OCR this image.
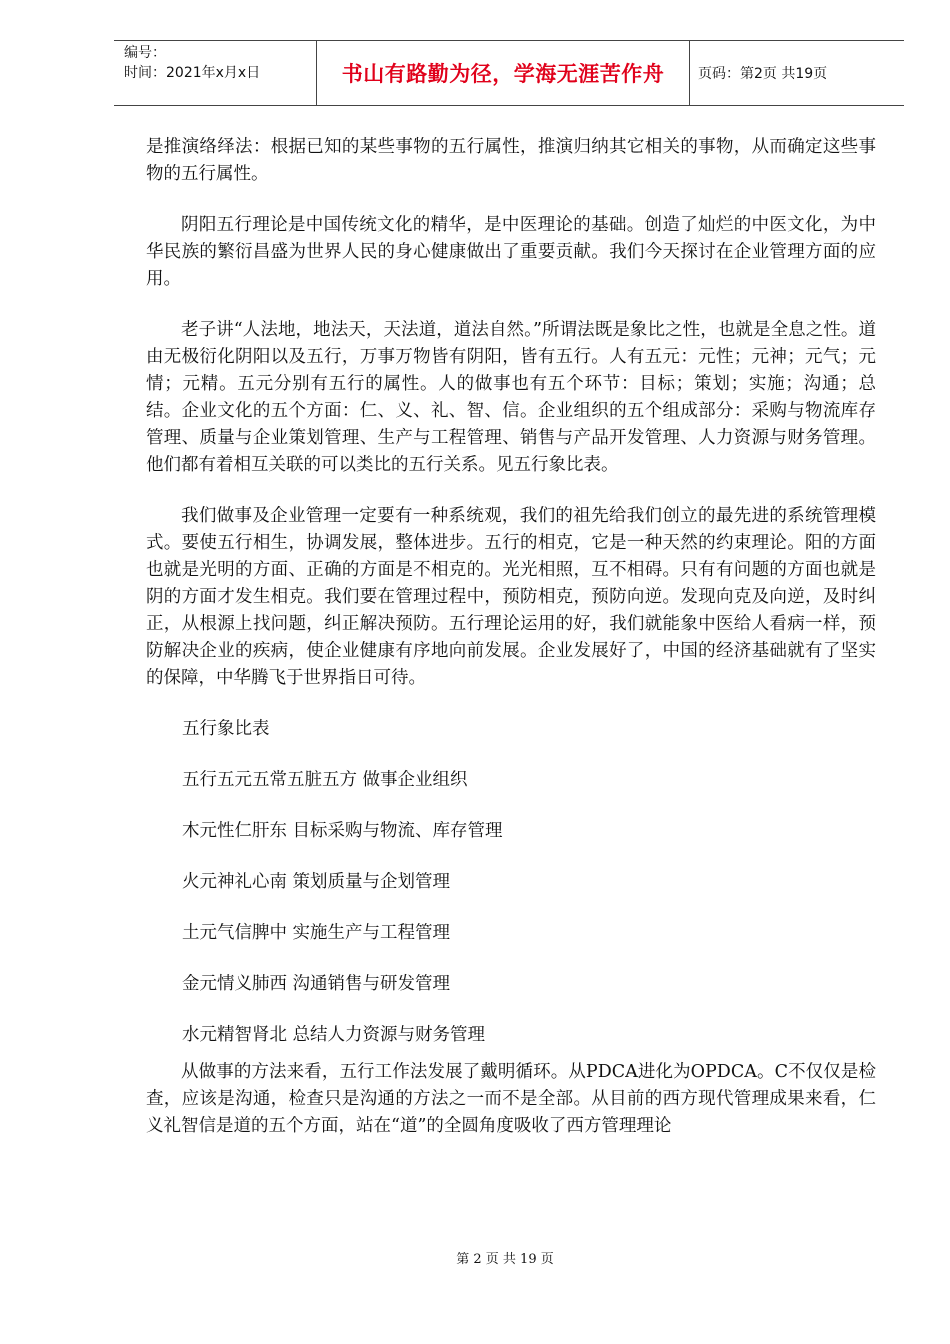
编号：
时间：2021年x月x日	书山有路勤为径，学海无涯苦作舟	页码：第2页 共19页

是推演络绎法：根据已知的某些事物的五行属性，推演归纳其它相关的事物，从而确定这些事物的五行属性。

阴阳五行理论是中国传统文化的精华，是中医理论的基础。创造了灿烂的中医文化，为中华民族的繁衍昌盛为世界人民的身心健康做出了重要贡献。我们今天探讨在企业管理方面的应用。

老子讲“人法地，地法天，天法道，道法自然。”所谓法既是象比之性，也就是全息之性。道由无极衍化阴阳以及五行，万事万物皆有阴阳，皆有五行。人有五元：元性；元神；元气；元情；元精。五元分别有五行的属性。人的做事也有五个环节：目标；策划；实施；沟通；总结。企业文化的五个方面：仁、义、礼、智、信。企业组织的五个组成部分：采购与物流库存管理、质量与企业策划管理、生产与工程管理、销售与产品开发管理、人力资源与财务管理。他们都有着相互关联的可以类比的五行关系。见五行象比表。

我们做事及企业管理一定要有一种系统观，我们的祖先给我们创立的最先进的系统管理模式。要使五行相生，协调发展，整体进步。五行的相克，它是一种天然的约束理论。阳的方面也就是光明的方面、正确的方面是不相克的。光光相照，互不相碍。只有有问题的方面也就是阴的方面才发生相克。我们要在管理过程中，预防相克，预防向逆。发现向克及向逆，及时纠正，从根源上找问题，纠正解决预防。五行理论运用的好，我们就能象中医给人看病一样，预防解决企业的疾病，使企业健康有序地向前发展。企业发展好了，中国的经济基础就有了坚实的保障，中华腾飞于世界指日可待。

五行象比表
五行五元五常五脏五方 做事企业组织
木元性仁肝东 目标采购与物流、库存管理
火元神礼心南 策划质量与企划管理
土元气信脾中 实施生产与工程管理
金元情义肺西 沟通销售与研发管理
水元精智肾北 总结人力资源与财务管理

从做事的方法来看，五行工作法发展了戴明循环。从PDCA进化为OPDCA。C不仅仅是检查，应该是沟通，检查只是沟通的方法之一而不是全部。从目前的西方现代管理成果来看，仁义礼智信是道的五个方面，站在“道”的全圆角度吸收了西方管理理论

第 2 页 共 19 页
